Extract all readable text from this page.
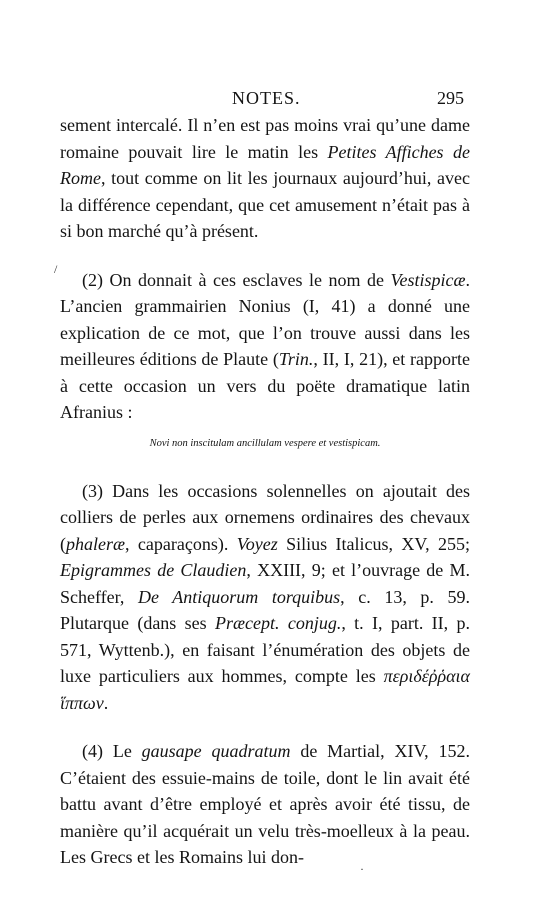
NOTES.	295

sement intercalé. Il n’en est pas moins vrai qu’une dame romaine pouvait lire le matin les Petites Affiches de Rome, tout comme on lit les journaux aujourd’hui, avec la différence cependant, que cet amusement n’était pas à si bon marché qu’à présent.

(2) On donnait à ces esclaves le nom de Vestispicæ. L’ancien grammairien Nonius (I, 41) a donné une explication de ce mot, que l’on trouve aussi dans les meilleures éditions de Plaute (Trin., II, I, 21), et rapporte à cette occasion un vers du poëte dramatique latin Afranius :

Novi non inscitulam ancillulam vespere et vestispicam.

(3) Dans les occasions solennelles on ajoutait des colliers de perles aux ornemens ordinaires des chevaux (phaleræ, caparaçons). Voyez Silius Italicus, XV, 255; Epigrammes de Claudien, XXIII, 9; et l’ouvrage de M. Scheffer, De Antiquorum torquibus, c. 13, p. 59. Plutarque (dans ses Præcept. conjug., t. I, part. II, p. 571, Wyttenb.), en faisant l’énumération des objets de luxe particuliers aux hommes, compte les περιδέῤῥαια ἵππων.

(4) Le gausape quadratum de Martial, XIV, 152. C’étaient des essuie-mains de toile, dont le lin avait été battu avant d’être employé et après avoir été tissu, de manière qu’il acquérait un velu très-moelleux à la peau. Les Grecs et les Romains lui don-

/
·
